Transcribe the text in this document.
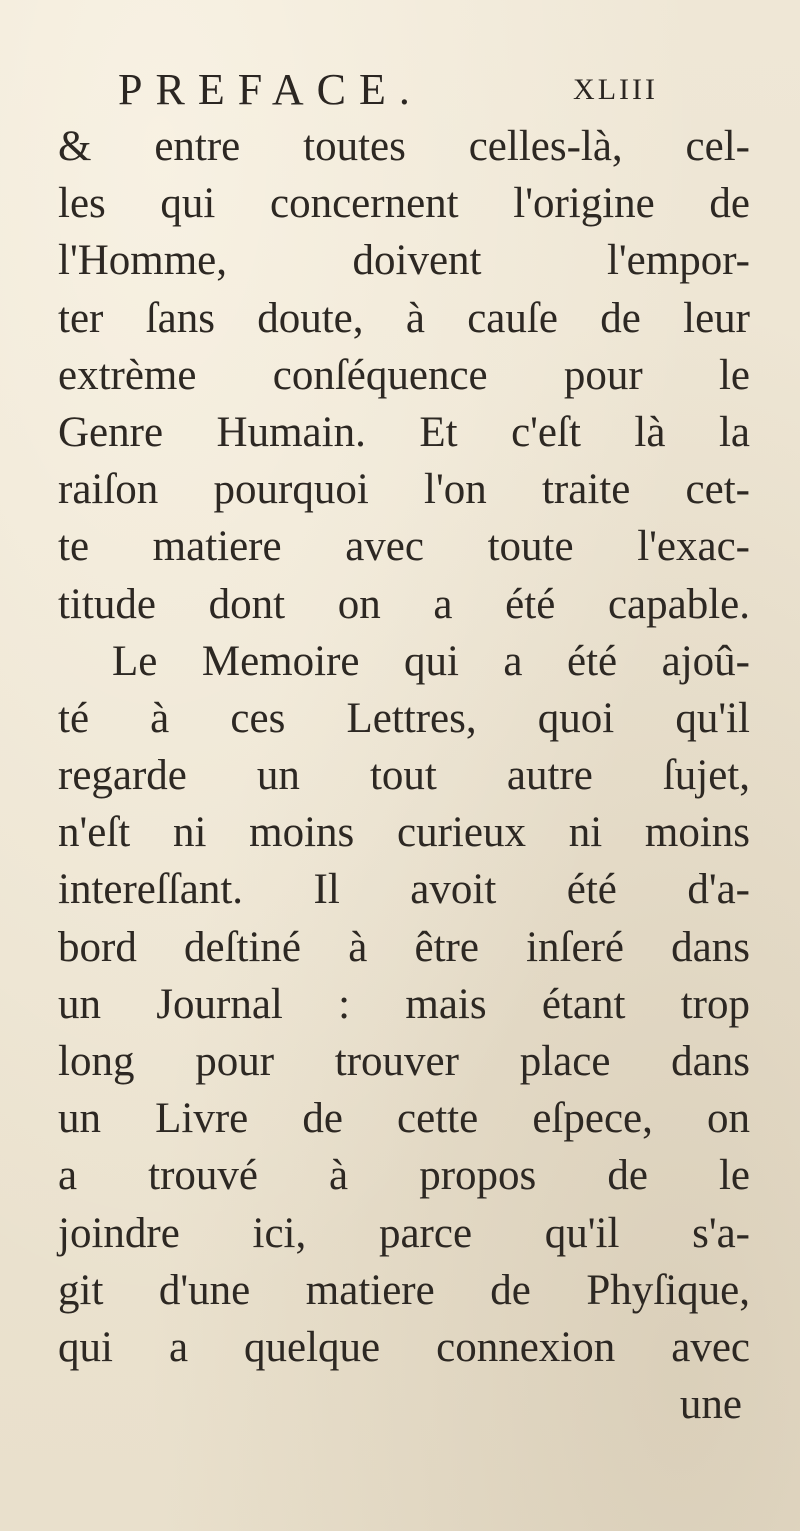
PREFACE.	XLIII
& entre toutes celles-là, cel-
les qui concernent l'origine de
l'Homme, doivent l'empor-
ter ſans doute, à cauſe de leur
extrème conſéquence pour le
Genre Humain. Et c'eſt là la
raiſon pourquoi l'on traite cet-
te matiere avec toute l'exac-
titude dont on a été capable.
Le Memoire qui a été ajoû-
té à ces Lettres, quoi qu'il
regarde un tout autre ſujet,
n'eſt ni moins curieux ni moins
intereſſant. Il avoit été d'a-
bord deſtiné à être inſeré dans
un Journal : mais étant trop
long pour trouver place dans
un Livre de cette eſpece, on
a trouvé à propos de le
joindre ici, parce qu'il s'a-
git d'une matiere de Phyſique,
qui a quelque connexion avec
une
